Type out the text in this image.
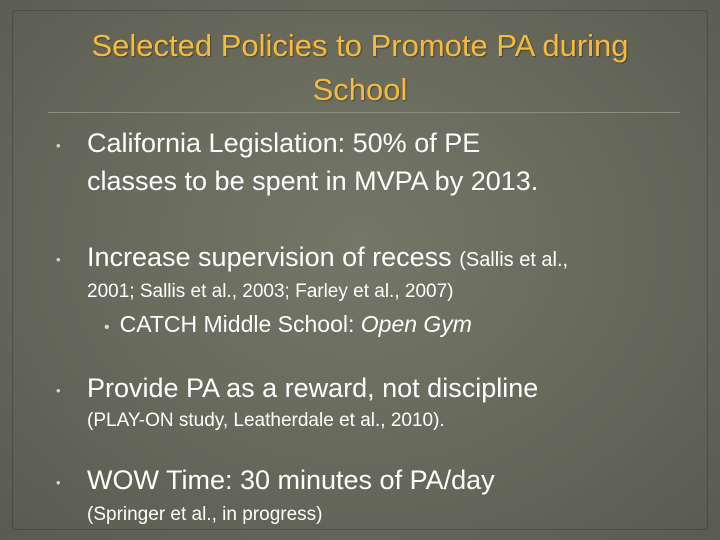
Selected Policies to Promote PA during
School
• California Legislation: 50% of PE
classes to be spent in MVPA by 2013.
• Increase supervision of recess (Sallis et al.,
2001; Sallis et al., 2003; Farley et al., 2007)
• CATCH Middle School: Open Gym
• Provide PA as a reward, not discipline
(PLAY-ON study, Leatherdale et al., 2010).
• WOW Time: 30 minutes of PA/day
(Springer et al., in progress)
